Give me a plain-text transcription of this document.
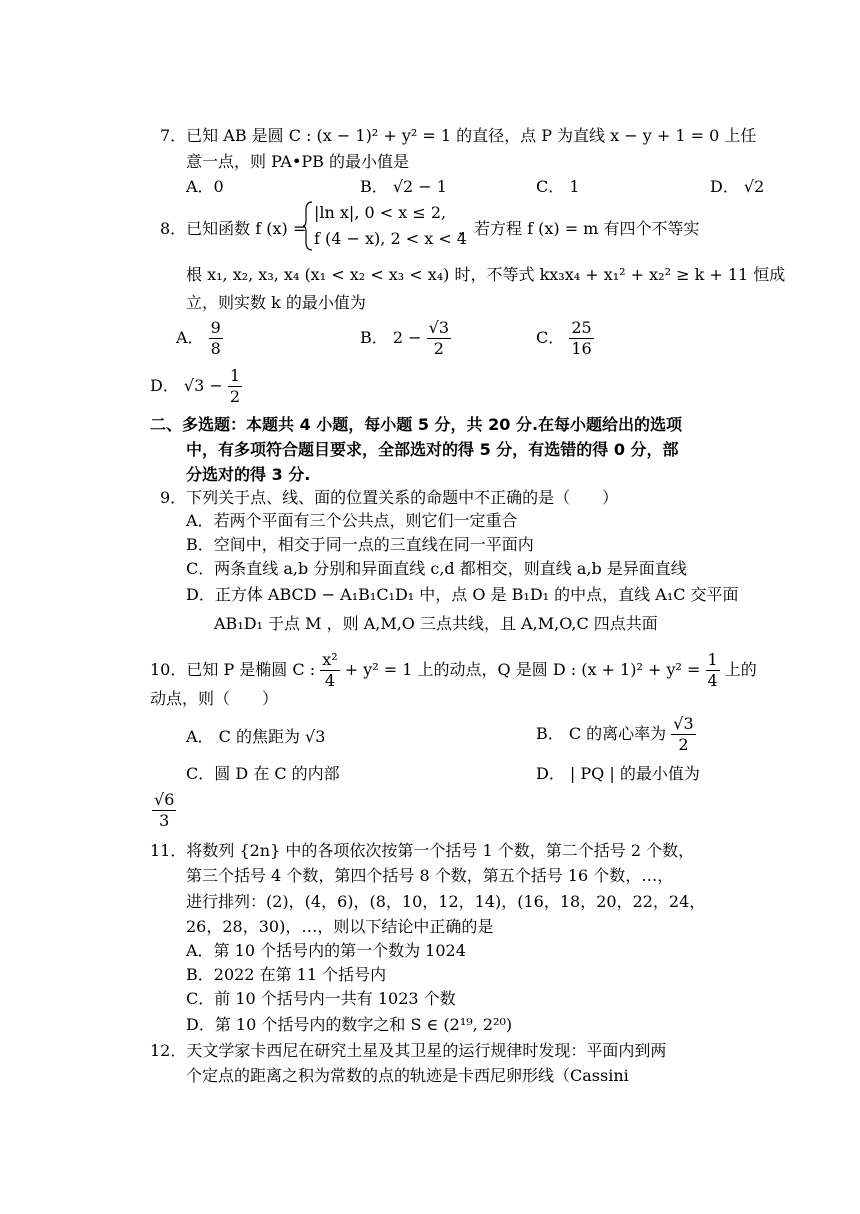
7．已知 AB 是圆 C : (x − 1)² + y² = 1 的直径，点 P 为直线 x − y + 1 = 0 上任
意一点，则 PA•PB 的最小值是
A．0	B． √2 − 1	C． 1	D． √2
8．已知函数 f (x) =
|ln x|, 0 < x ≤ 2,
f (4 − x), 2 < x < 4
，若方程 f (x) = m 有四个不等实
根 x₁, x₂, x₃, x₄ (x₁ < x₂ < x₃ < x₄) 时，不等式 kx₃x₄ + x₁² + x₂² ≥ k + 11 恒成
立，则实数 k 的最小值为
A． $\frac{9}{8}$	B． $2 - \frac{√3}{2}$	C． $\frac{25}{16}$
D． $√3 - \frac{1}{2}$
二、多选题：本题共 4 小题，每小题 5 分，共 20 分.在每小题给出的选项
中，有多项符合题目要求，全部选对的得 5 分，有选错的得 0 分，部
分选对的得 3 分.
9．下列关于点、线、面的位置关系的命题中不正确的是（　　）
A．若两个平面有三个公共点，则它们一定重合
B．空间中，相交于同一点的三直线在同一平面内
C．两条直线 a,b 分别和异面直线 c,d 都相交，则直线 a,b 是异面直线
D．正方体 ABCD − A₁B₁C₁D₁ 中，点 O 是 B₁D₁ 的中点，直线 A₁C 交平面
AB₁D₁ 于点 M ，则 A,M,O 三点共线，且 A,M,O,C 四点共面
10．已知 P 是椭圆 C : $\frac{\text{x²}}{4} + y^2 = 1$ 上的动点，Q 是圆 D : $(x + 1)^2 + y^2 = \frac{1}{4}$ 上的
动点，则（　　）
A． C 的焦距为 √3	B． C 的离心率为 $\frac{√3}{2}$
C．圆 D 在 C 的内部	D． | PQ | 的最小值为
$\frac{√6}{3}$
11．将数列 {2n} 中的各项依次按第一个括号 1 个数，第二个括号 2 个数，
第三个括号 4 个数，第四个括号 8 个数，第五个括号 16 个数，…，
进行排列：(2)，(4，6)，(8，10，12，14)，(16，18，20，22，24，
26，28，30)，…，则以下结论中正确的是
A．第 10 个括号内的第一个数为 1024
B．2022 在第 11 个括号内
C．前 10 个括号内一共有 1023 个数
D．第 10 个括号内的数字之和 S ∈ (2¹⁹, 2²⁰)
12．天文学家卡西尼在研究土星及其卫星的运行规律时发现：平面内到两
个定点的距离之积为常数的点的轨迹是卡西尼卵形线（Cassini
